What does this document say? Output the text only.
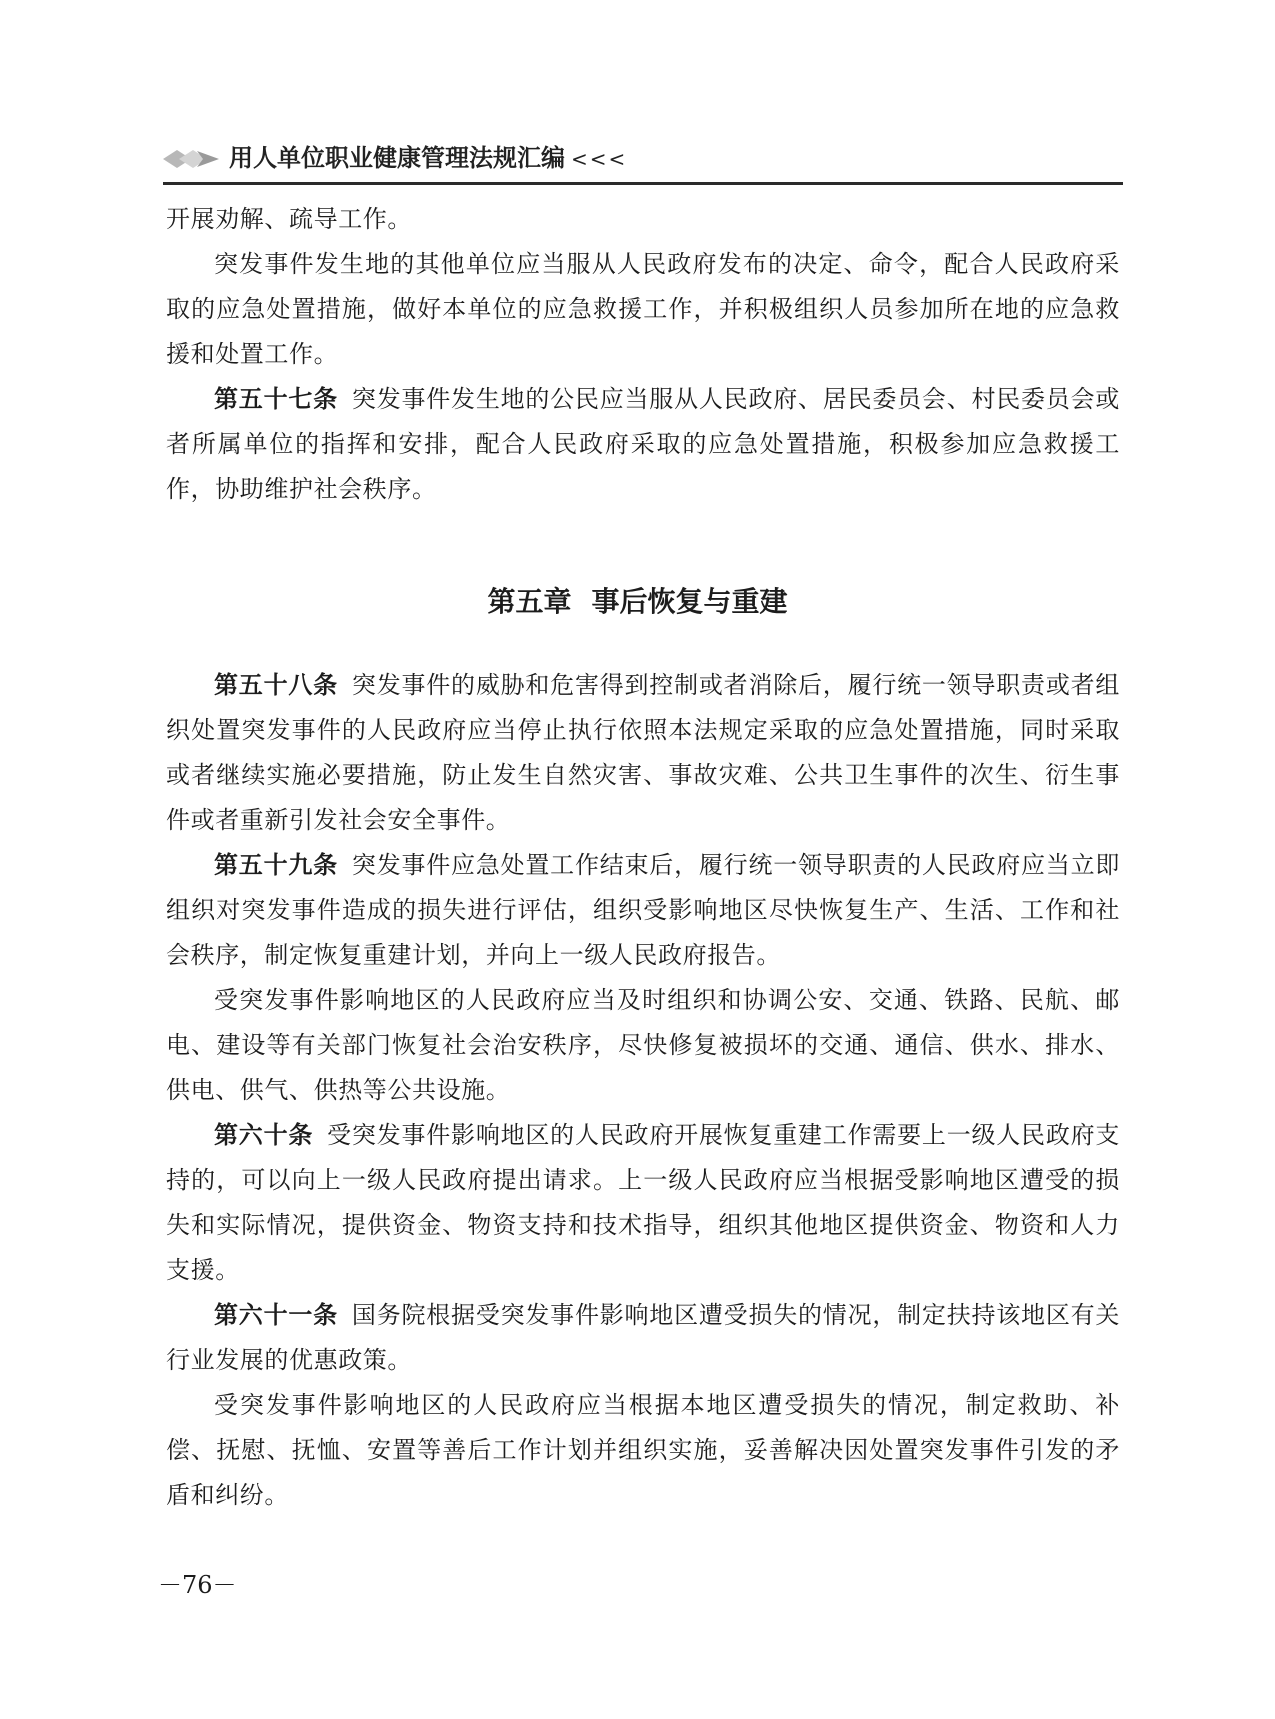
用人单位职业健康管理法规汇编 <<<

开展劝解、疏导工作。

突发事件发生地的其他单位应当服从人民政府发布的决定、命令，配合人民政府采取的应急处置措施，做好本单位的应急救援工作，并积极组织人员参加所在地的应急救援和处置工作。

第五十七条 突发事件发生地的公民应当服从人民政府、居民委员会、村民委员会或者所属单位的指挥和安排，配合人民政府采取的应急处置措施，积极参加应急救援工作，协助维护社会秩序。

第五章 事后恢复与重建

第五十八条 突发事件的威胁和危害得到控制或者消除后，履行统一领导职责或者组织处置突发事件的人民政府应当停止执行依照本法规定采取的应急处置措施，同时采取或者继续实施必要措施，防止发生自然灾害、事故灾难、公共卫生事件的次生、衍生事件或者重新引发社会安全事件。

第五十九条 突发事件应急处置工作结束后，履行统一领导职责的人民政府应当立即组织对突发事件造成的损失进行评估，组织受影响地区尽快恢复生产、生活、工作和社会秩序，制定恢复重建计划，并向上一级人民政府报告。

受突发事件影响地区的人民政府应当及时组织和协调公安、交通、铁路、民航、邮电、建设等有关部门恢复社会治安秩序，尽快修复被损坏的交通、通信、供水、排水、供电、供气、供热等公共设施。

第六十条 受突发事件影响地区的人民政府开展恢复重建工作需要上一级人民政府支持的，可以向上一级人民政府提出请求。上一级人民政府应当根据受影响地区遭受的损失和实际情况，提供资金、物资支持和技术指导，组织其他地区提供资金、物资和人力支援。

第六十一条 国务院根据受突发事件影响地区遭受损失的情况，制定扶持该地区有关行业发展的优惠政策。

受突发事件影响地区的人民政府应当根据本地区遭受损失的情况，制定救助、补偿、抚慰、抚恤、安置等善后工作计划并组织实施，妥善解决因处置突发事件引发的矛盾和纠纷。

－76－
